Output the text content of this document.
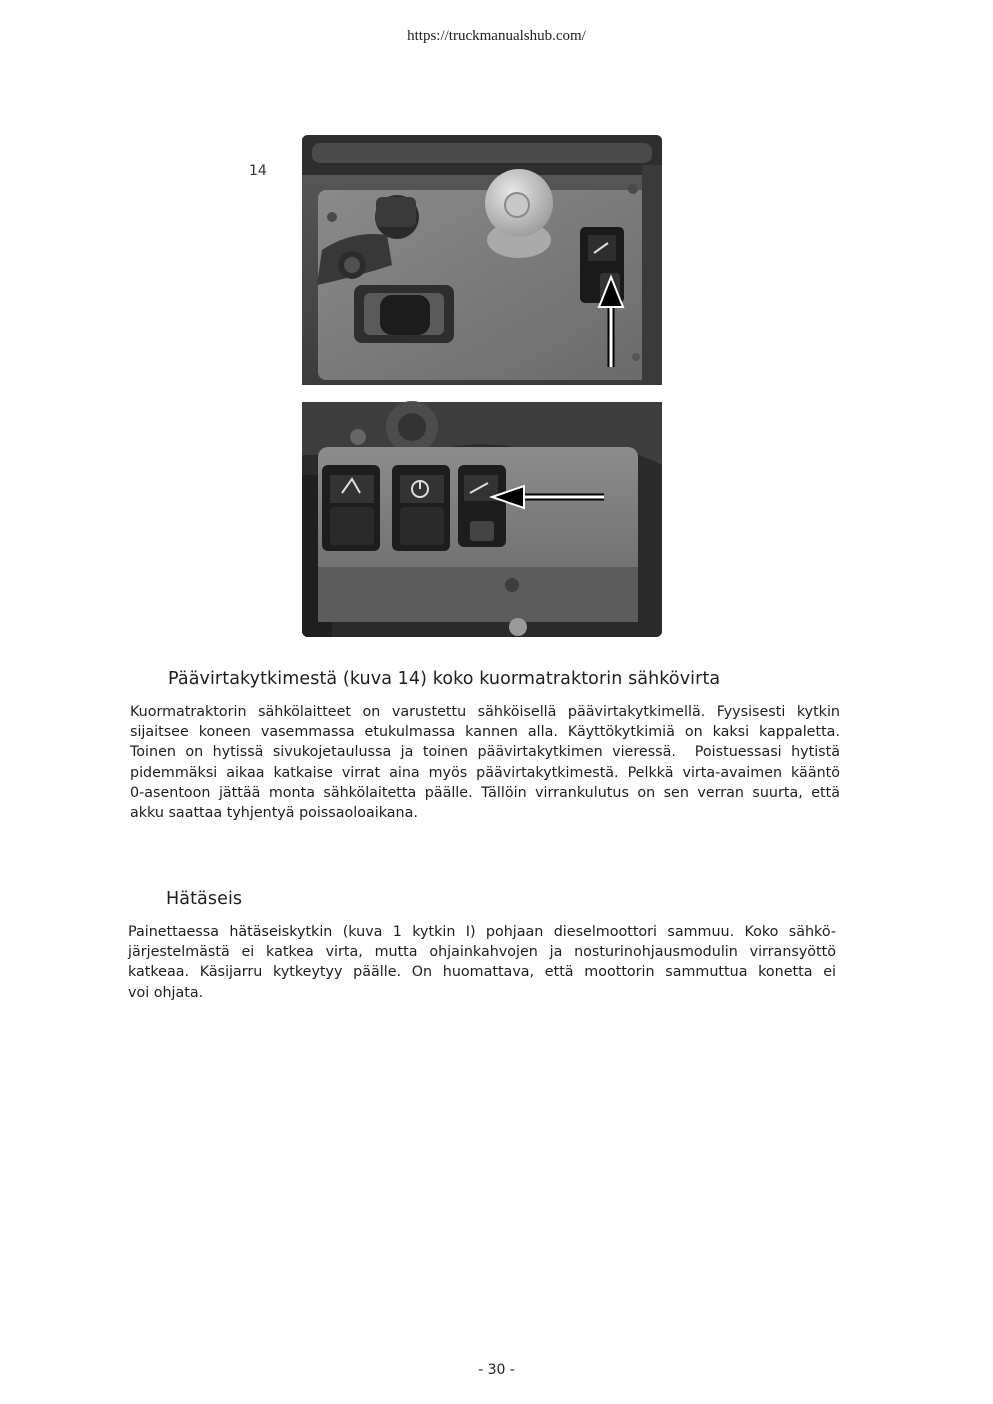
https://truckmanualshub.com/
14
Päävirtakytkimestä (kuva 14) koko kuormatraktorin sähkövirta
Kuormatraktorin sähkölaitteet on varustettu sähköisellä päävirtakytkimellä. Fyysisesti kytkin
sijaitsee koneen vasemmassa etukulmassa kannen alla. Käyttökytkimiä on kaksi kappaletta.
Toinen on hytissä sivukojetaulussa ja toinen päävirtakytkimen vieressä.  Poistuessasi hytistä
pidemmäksi aikaa katkaise virrat aina myös päävirtakytkimestä. Pelkkä virta-avaimen kääntö
0-asentoon jättää monta sähkölaitetta päälle. Tällöin virrankulutus on sen verran suurta, että
akku saattaa tyhjentyä poissaoloaikana.
Hätäseis
Painettaessa hätäseiskytkin (kuva 1 kytkin I) pohjaan dieselmoottori sammuu. Koko sähkö-
järjestelmästä ei katkea virta, mutta ohjainkahvojen ja nosturinohjausmodulin virransyöttö
katkeaa. Käsijarru kytkeytyy päälle. On huomattava, että moottorin sammuttua konetta ei
voi ohjata.
- 30 -
